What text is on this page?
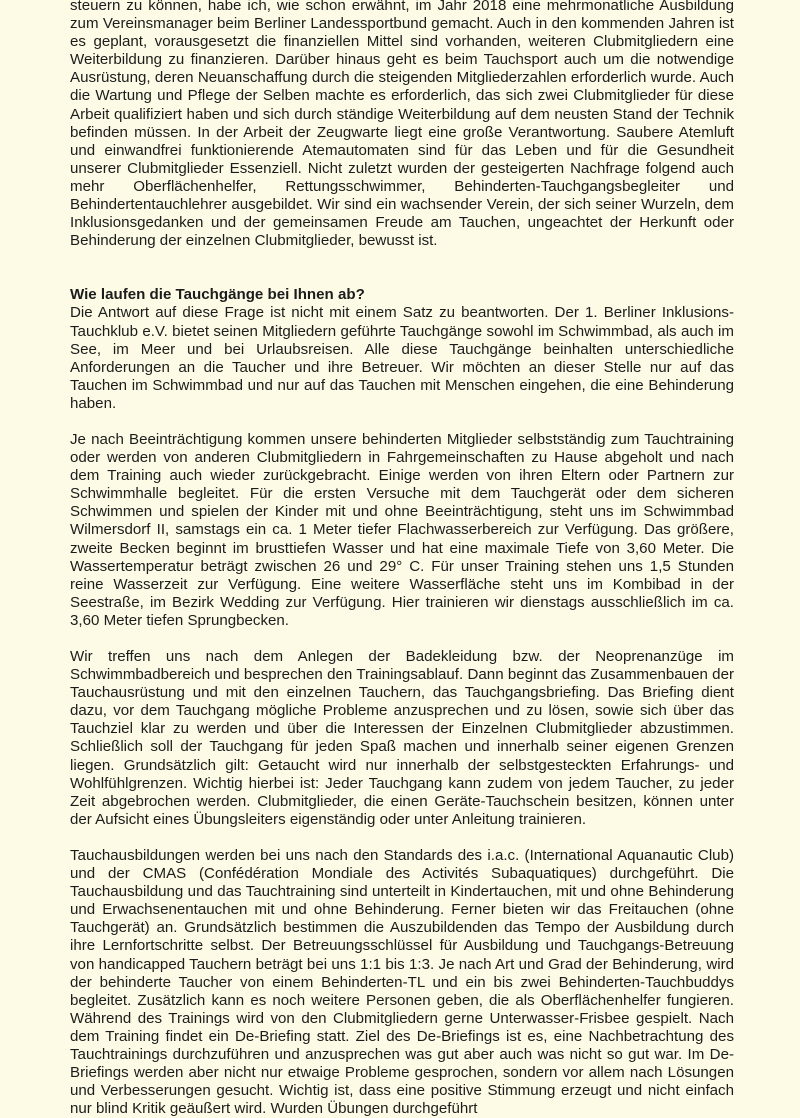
steuern zu können, habe ich, wie schon erwähnt, im Jahr 2018 eine mehrmonatliche Ausbildung zum Vereinsmanager beim Berliner Landessportbund gemacht. Auch in den kommenden Jahren ist es geplant, vorausgesetzt die finanziellen Mittel sind vorhanden, weiteren Clubmitgliedern eine Weiterbildung zu finanzieren. Darüber hinaus geht es beim Tauchsport auch um die notwendige Ausrüstung, deren Neuanschaffung durch die steigenden Mitgliederzahlen erforderlich wurde. Auch die Wartung und Pflege der Selben machte es erforderlich, das sich zwei Clubmitglieder für diese Arbeit qualifiziert haben und sich durch ständige Weiterbildung auf dem neusten Stand der Technik befinden müssen. In der Arbeit der Zeugwarte liegt eine große Verantwortung. Saubere Atemluft und einwandfrei funktionierende Atemautomaten sind für das Leben und für die Gesundheit unserer Clubmitglieder Essenziell. Nicht zuletzt wurden der gesteigerten Nachfrage folgend auch mehr Oberflächenhelfer, Rettungsschwimmer, Behinderten-Tauchgangsbegleiter und Behindertentauchlehrer ausgebildet. Wir sind ein wachsender Verein, der sich seiner Wurzeln, dem Inklusionsgedanken und der gemeinsamen Freude am Tauchen, ungeachtet der Herkunft oder Behinderung der einzelnen Clubmitglieder, bewusst ist.

Wie laufen die Tauchgänge bei Ihnen ab?

Die Antwort auf diese Frage ist nicht mit einem Satz zu beantworten. Der 1. Berliner Inklusions-Tauchklub e.V. bietet seinen Mitgliedern geführte Tauchgänge sowohl im Schwimmbad, als auch im See, im Meer und bei Urlaubsreisen. Alle diese Tauchgänge beinhalten unterschiedliche Anforderungen an die Taucher und ihre Betreuer. Wir möchten an dieser Stelle nur auf das Tauchen im Schwimmbad und nur auf das Tauchen mit Menschen eingehen, die eine Behinderung haben.

Je nach Beeinträchtigung kommen unsere behinderten Mitglieder selbstständig zum Tauchtraining oder werden von anderen Clubmitgliedern in Fahrgemeinschaften zu Hause abgeholt und nach dem Training auch wieder zurückgebracht. Einige werden von ihren Eltern oder Partnern zur Schwimmhalle begleitet. Für die ersten Versuche mit dem Tauchgerät oder dem sicheren Schwimmen und spielen der Kinder mit und ohne Beeinträchtigung, steht uns im Schwimmbad Wilmersdorf II, samstags ein ca. 1 Meter tiefer Flachwasserbereich zur Verfügung. Das größere, zweite Becken beginnt im brusttiefen Wasser und hat eine maximale Tiefe von 3,60 Meter. Die Wassertemperatur beträgt zwischen 26 und 29° C. Für unser Training stehen uns 1,5 Stunden reine Wasserzeit zur Verfügung. Eine weitere Wasserfläche steht uns im Kombibad in der Seestraße, im Bezirk Wedding zur Verfügung. Hier trainieren wir dienstags ausschließlich im ca. 3,60 Meter tiefen Sprungbecken.

Wir treffen uns nach dem Anlegen der Badekleidung bzw. der Neoprenanzüge im Schwimmbadbereich und besprechen den Trainingsablauf. Dann beginnt das Zusammenbauen der Tauchausrüstung und mit den einzelnen Tauchern, das Tauchgangsbriefing. Das Briefing dient dazu, vor dem Tauchgang mögliche Probleme anzusprechen und zu lösen, sowie sich über das Tauchziel klar zu werden und über die Interessen der Einzelnen Clubmitglieder abzustimmen. Schließlich soll der Tauchgang für jeden Spaß machen und innerhalb seiner eigenen Grenzen liegen. Grundsätzlich gilt: Getaucht wird nur innerhalb der selbstgesteckten Erfahrungs- und Wohlfühlgrenzen. Wichtig hierbei ist: Jeder Tauchgang kann zudem von jedem Taucher, zu jeder Zeit abgebrochen werden. Clubmitglieder, die einen Geräte-Tauchschein besitzen, können unter der Aufsicht eines Übungsleiters eigenständig oder unter Anleitung trainieren.

Tauchausbildungen werden bei uns nach den Standards des i.a.c. (International Aquanautic Club) und der CMAS (Confédération Mondiale des Activités Subaquatiques) durchgeführt. Die Tauchausbildung und das Tauchtraining sind unterteilt in Kindertauchen, mit und ohne Behinderung und Erwachsenentauchen mit und ohne Behinderung. Ferner bieten wir das Freitauchen (ohne Tauchgerät) an. Grundsätzlich bestimmen die Auszubildenden das Tempo der Ausbildung durch ihre Lernfortschritte selbst. Der Betreuungsschlüssel für Ausbildung und Tauchgangs-Betreuung von handicapped Tauchern beträgt bei uns 1:1 bis 1:3. Je nach Art und Grad der Behinderung, wird der behinderte Taucher von einem Behinderten-TL und ein bis zwei Behinderten-Tauchbuddys begleitet. Zusätzlich kann es noch weitere Personen geben, die als Oberflächenhelfer fungieren. Während des Trainings wird von den Clubmitgliedern gerne Unterwasser-Frisbee gespielt. Nach dem Training findet ein De-Briefing statt. Ziel des De-Briefings ist es, eine Nachbetrachtung des Tauchtrainings durchzuführen und anzusprechen was gut aber auch was nicht so gut war. Im De-Briefings werden aber nicht nur etwaige Probleme gesprochen, sondern vor allem nach Lösungen und Verbesserungen gesucht. Wichtig ist, dass eine positive Stimmung erzeugt und nicht einfach nur blind Kritik geäußert wird. Wurden Übungen durchgeführt
